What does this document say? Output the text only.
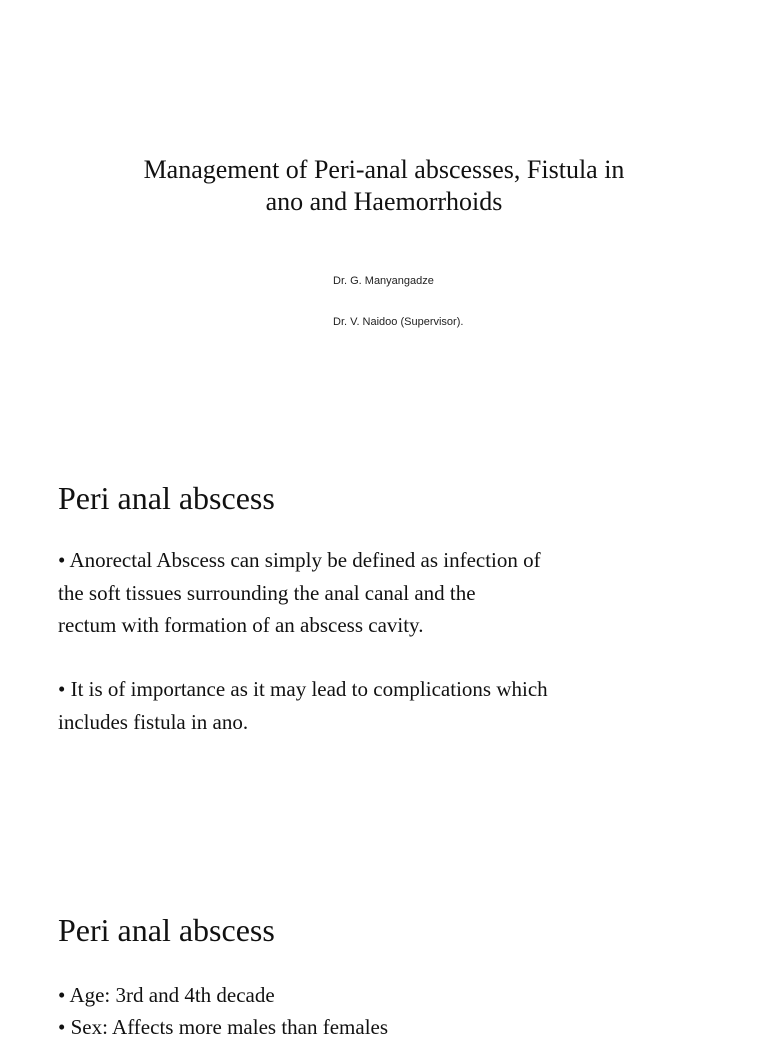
Management of Peri-anal abscesses, Fistula in
ano and Haemorrhoids
Dr. G. Manyangadze
Dr. V. Naidoo (Supervisor).
Peri anal abscess
• Anorectal Abscess can simply be defined as infection of
the soft tissues surrounding the anal canal and the
rectum with formation of an abscess cavity.
• It is of importance as it may lead to complications which
includes fistula in ano.
Peri anal abscess
• Age: 3rd and 4th decade
• Sex: Affects more males than females
